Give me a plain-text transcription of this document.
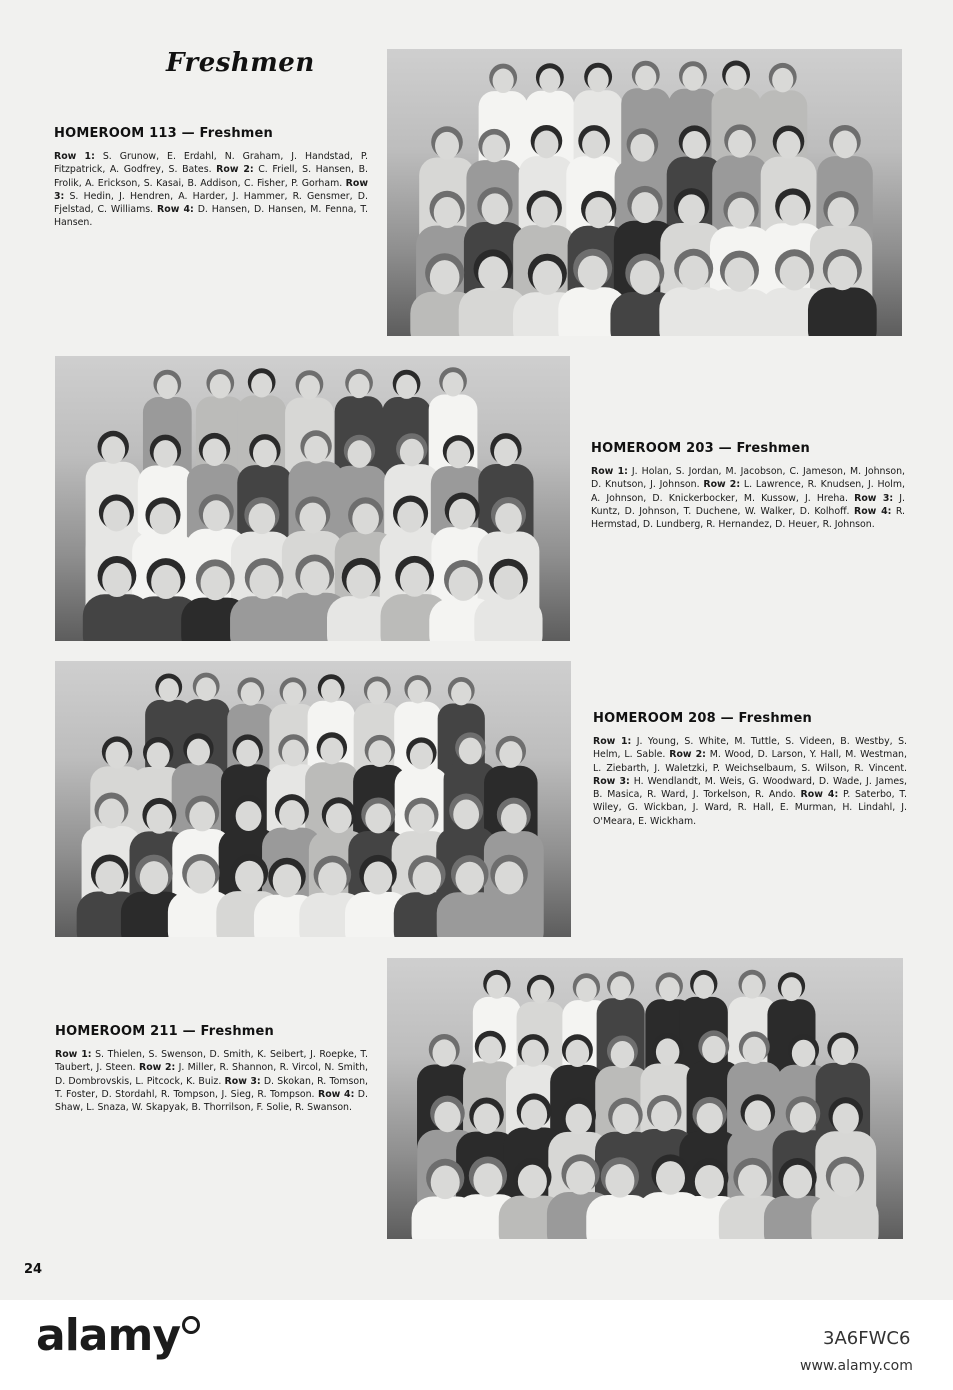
Freshmen
HOMEROOM 113 — Freshmen

Row 1: S. Grunow, E. Erdahl, N. Graham, J. Handstad, P. Fitzpatrick, A. Godfrey, S. Bates. Row 2: C. Friell, S. Hansen, B. Frolik, A. Erickson, S. Kasai, B. Addison, C. Fisher, P. Gorham. Row 3: S. Hedin, J. Hendren, A. Harder, J. Hammer, R. Gensmer, D. Fjelstad, C. Williams. Row 4: D. Hansen, D. Hansen, M. Fenna, T. Hansen.

HOMEROOM 203 — Freshmen

Row 1: J. Holan, S. Jordan, M. Jacobson, C. Jameson, M. Johnson, D. Knutson, J. Johnson. Row 2: L. Lawrence, R. Knudsen, J. Holm, A. Johnson, D. Knickerbocker, M. Kussow, J. Hreha. Row 3: J. Kuntz, D. Johnson, T. Duchene, W. Walker, D. Kolhoff. Row 4: R. Hermstad, D. Lundberg, R. Hernandez, D. Heuer, R. Johnson.

HOMEROOM 208 — Freshmen

Row 1: J. Young, S. White, M. Tuttle, S. Videen, B. Westby, S. Helm, L. Sable. Row 2: M. Wood, D. Larson, Y. Hall, M. Westman, L. Ziebarth, J. Waletzki, P. Weichselbaum, S. Wilson, R. Vincent. Row 3: H. Wendlandt, M. Weis, G. Woodward, D. Wade, J. James, B. Masica, R. Ward, J. Torkelson, R. Ando. Row 4: P. Saterbo, T. Wiley, G. Wickban, J. Ward, R. Hall, E. Murman, H. Lindahl, J. O'Meara, E. Wickham.

HOMEROOM 211 — Freshmen

Row 1: S. Thielen, S. Swenson, D. Smith, K. Seibert, J. Roepke, T. Taubert, J. Steen. Row 2: J. Miller, R. Shannon, R. Vircol, N. Smith, D. Dombrovskis, L. Pitcock, K. Buiz. Row 3: D. Skokan, R. Tomson, T. Foster, D. Stordahl, R. Tompson, J. Sieg, R. Tompson. Row 4: D. Shaw, L. Snaza, W. Skapyak, B. Thorrilson, F. Solie, R. Swanson.

24
alamy	3A6FWC6
www.alamy.com
